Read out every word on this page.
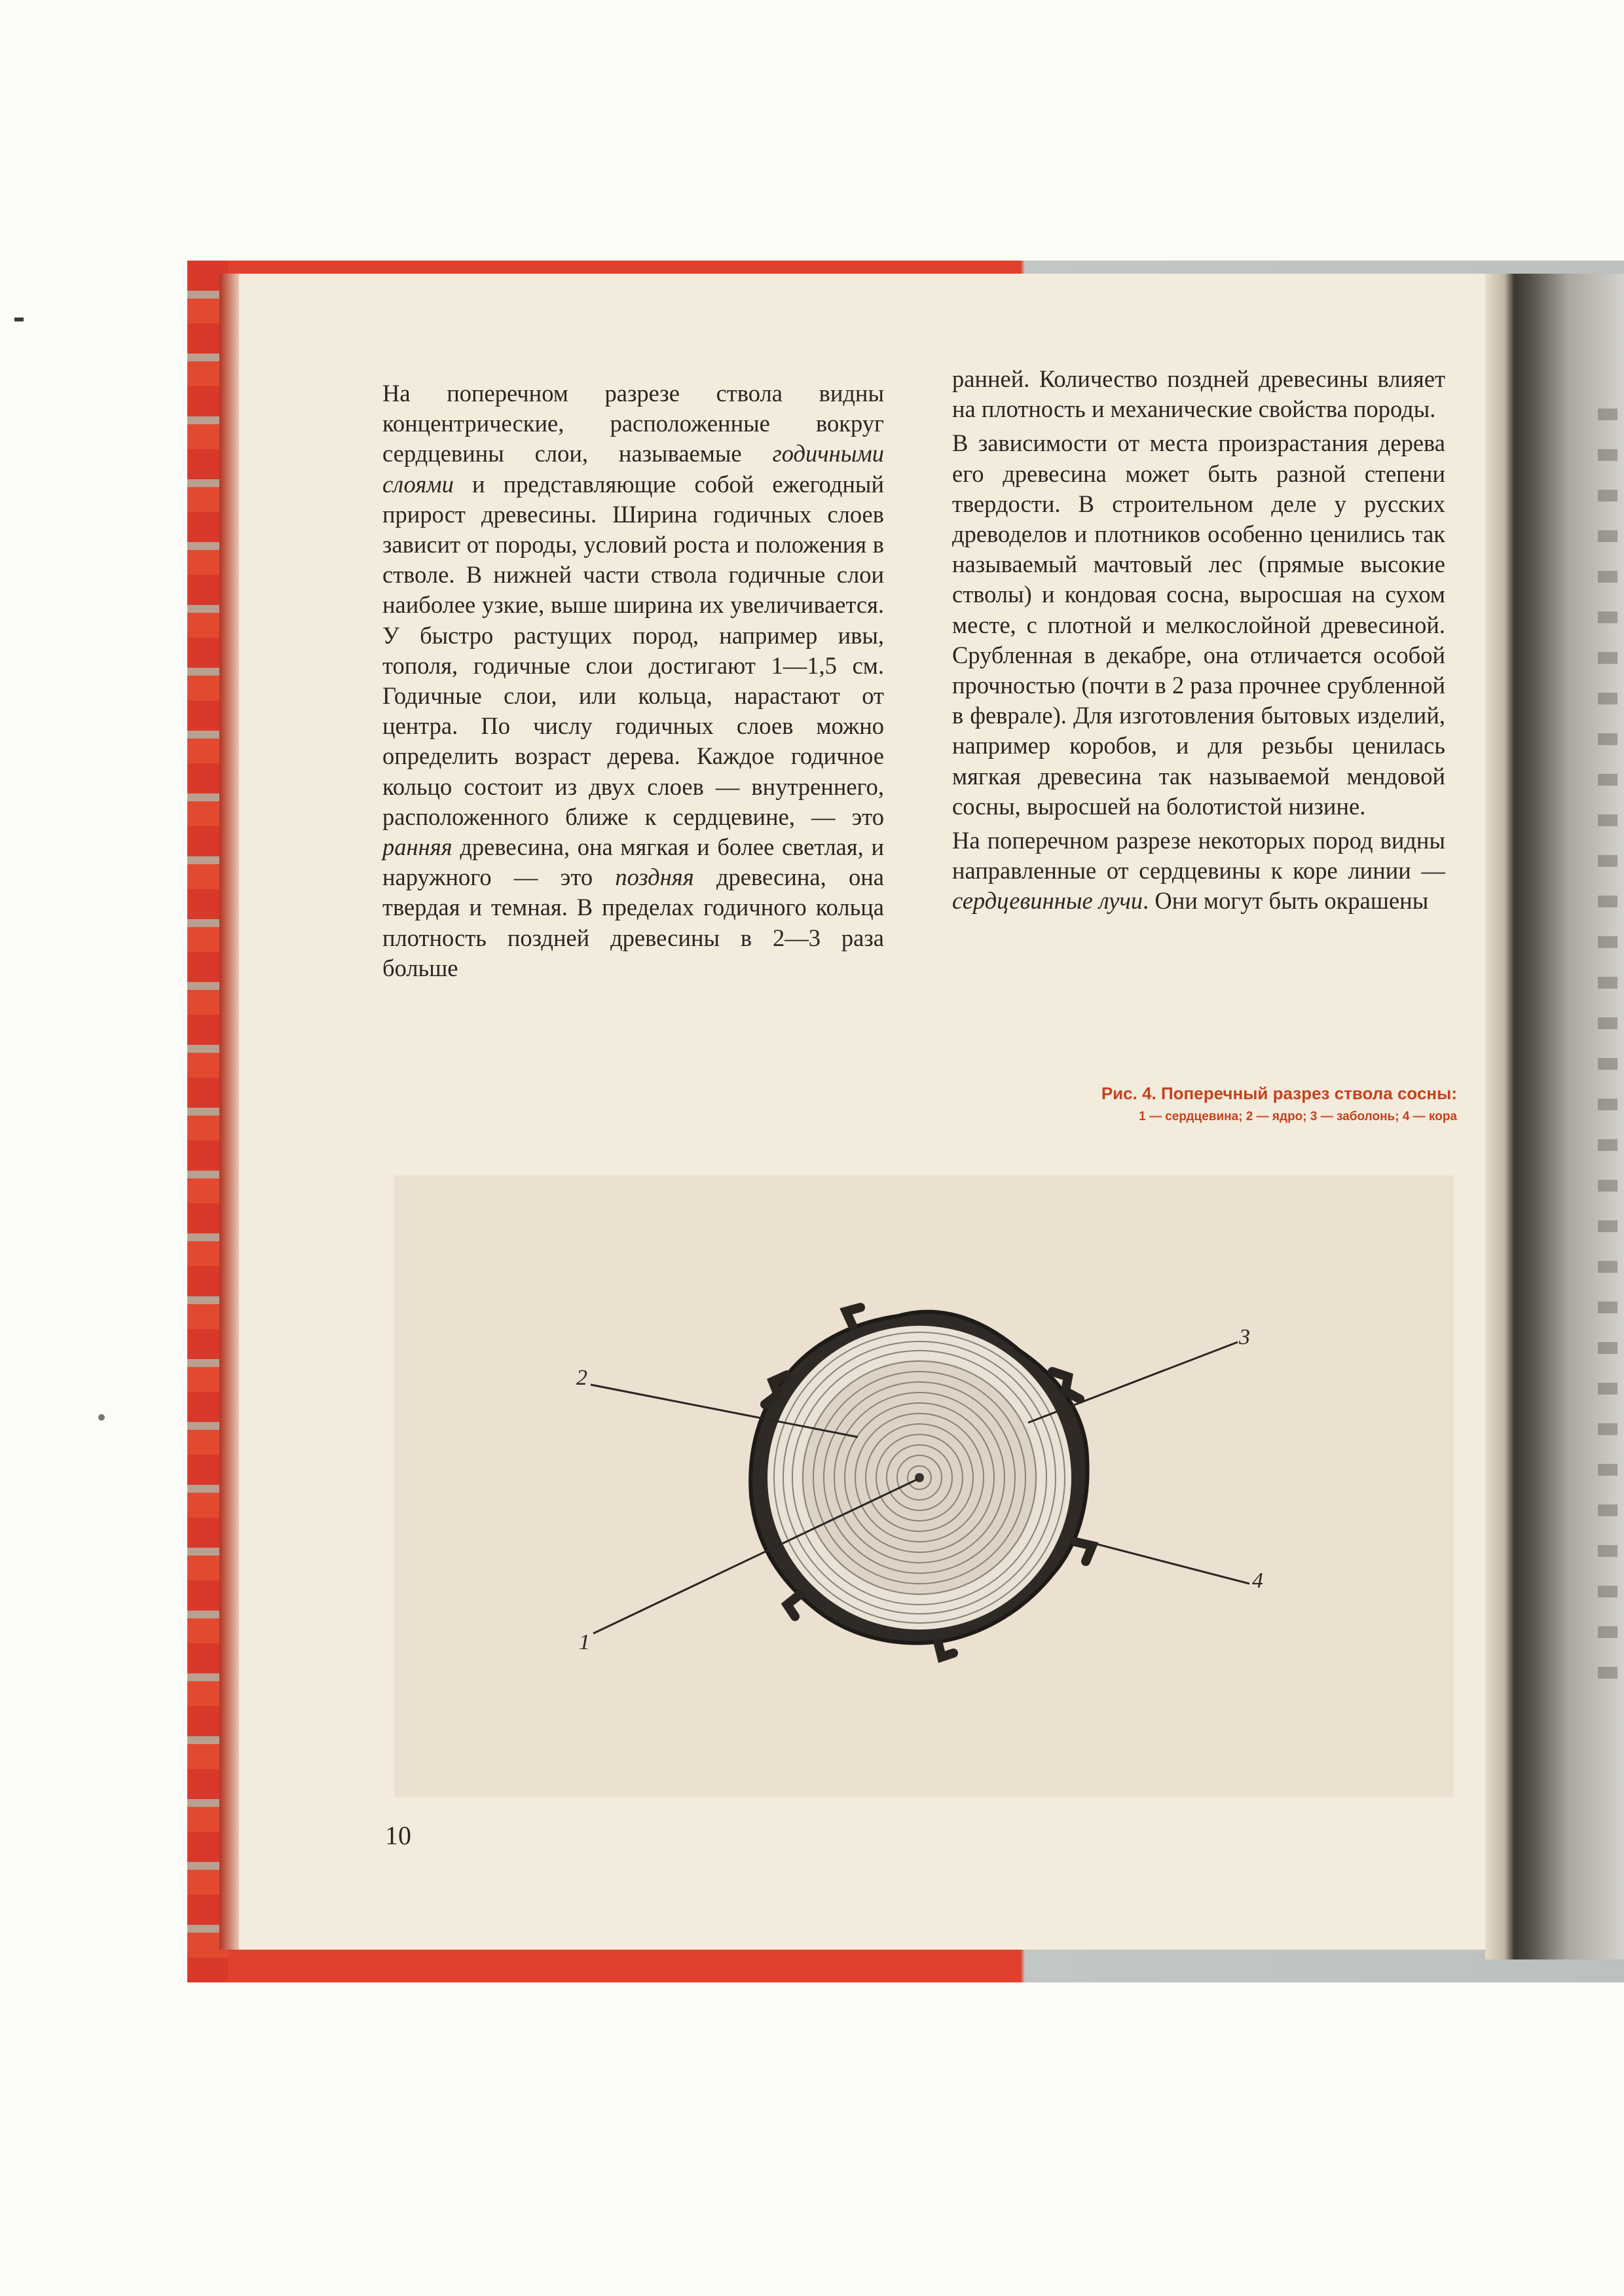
На поперечном разрезе ствола видны концентрические, расположенные вокруг сердцевины слои, называемые годичными слоями и представляющие собой ежегодный прирост древесины. Ширина годичных слоев зависит от породы, условий роста и положения в стволе. В нижней части ствола годичные слои наиболее узкие, выше ширина их увеличивается. У быстро растущих пород, например ивы, тополя, годичные слои достигают 1—1,5 см. Годичные слои, или кольца, нарастают от центра. По числу годичных слоев можно определить возраст дерева. Каждое годичное кольцо состоит из двух слоев — внутреннего, расположенного ближе к сердцевине, — это ранняя древесина, она мягкая и более светлая, и наружного — это поздняя древесина, она твердая и темная. В пределах годичного кольца плотность поздней древесины в 2—3 раза больше

ранней. Количество поздней древесины влияет на плотность и механические свойства породы.

В зависимости от места произрастания дерева его древесина может быть разной степени твердости. В строительном деле у русских древоделов и плотников особенно ценились так называемый мачтовый лес (прямые высокие стволы) и кондовая сосна, выросшая на сухом месте, с плотной и мелкослойной древесиной. Срубленная в декабре, она отличается особой прочностью (почти в 2 раза прочнее срубленной в феврале). Для изготовления бытовых изделий, например коробов, и для резьбы ценилась мягкая древесина так называемой мендовой сосны, выросшей на болотистой низине.

На поперечном разрезе некоторых пород видны направленные от сердцевины к коре линии — сердцевинные лучи. Они могут быть окрашены

Рис. 4. Поперечный разрез ствола сосны:
1 — сердцевина; 2 — ядро; 3 — заболонь; 4 — кора
1
2
3
4
10
